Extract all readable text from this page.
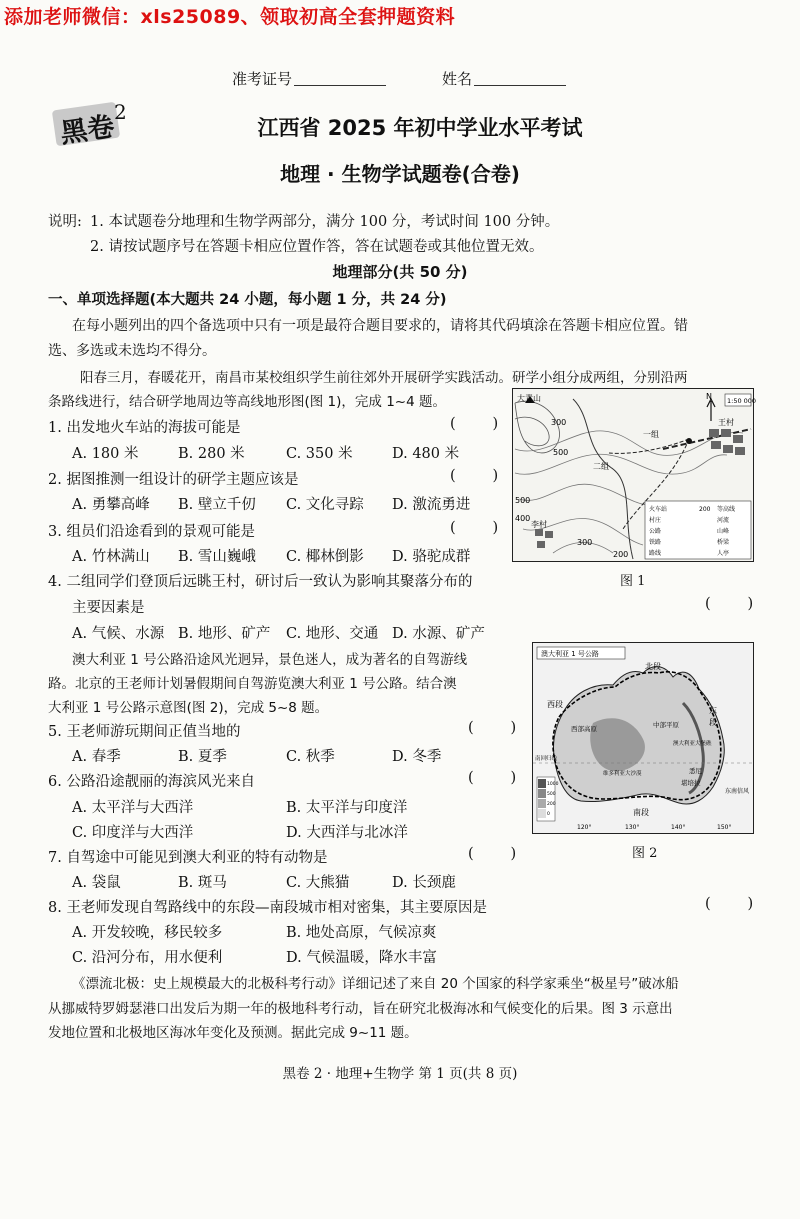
添加老师微信：xls25089、领取初高全套押题资料
准考证号	姓名
黑卷
2
江西省 2025 年初中学业水平考试
地理 · 生物学试题卷(合卷)
说明: 1. 本试题卷分地理和生物学两部分，满分 100 分，考试时间 100 分钟。
2. 请按试题序号在答题卡相应位置作答，答在试题卷或其他位置无效。
地理部分(共 50 分)
一、单项选择题(本大题共 24 小题，每小题 1 分，共 24 分)
在每小题列出的四个备选项中只有一项是最符合题目要求的，请将其代码填涂在答题卡相应位置。错
选、多选或未选均不得分。
阳春三月，春暖花开，南昌市某校组织学生前往郊外开展研学实践活动。研学小组分成两组，分别沿两
条路线进行，结合研学地周边等高线地形图(图 1)，完成 1~4 题。
1. 出发地火车站的海拔可能是	(        )
A. 180 米	B. 280 米	C. 350 米	D. 480 米
2. 据图推测一组设计的研学主题应该是	(        )
A. 勇攀高峰 B. 壁立千仞 C. 文化寻踪 D. 激流勇进
3. 组员们沿途看到的景观可能是	(        )
A. 竹林满山 B. 雪山巍峨 C. 椰林倒影 D. 骆驼成群
4. 二组同学们登顶后远眺王村，研讨后一致认为影响其聚落分布的
主要因素是	(        )
A. 气候、水源 B. 地形、矿产 C. 地形、交通 D. 水源、矿产
澳大利亚 1 号公路沿途风光迥异，景色迷人，成为著名的自驾游线
路。北京的王老师计划暑假期间自驾游览澳大利亚 1 号公路。结合澳
大利亚 1 号公路示意图(图 2)，完成 5~8 题。
5. 王老师游玩期间正值当地的	(        )
A. 春季	B. 夏季	C. 秋季	D. 冬季
6. 公路沿途靓丽的海滨风光来自	(        )
A. 太平洋与大西洋	B. 太平洋与印度洋
C. 印度洋与大西洋	D. 大西洋与北冰洋
7. 自驾途中可能见到澳大利亚的特有动物是	(        )
A. 袋鼠	B. 斑马	C. 大熊猫	D. 长颈鹿
8. 王老师发现自驾路线中的东段—南段城市相对密集，其主要原因是	(        )
A. 开发较晚，移民较多	B. 地处高原，气候凉爽
C. 沿河分布，用水便利	D. 气候温暖，降水丰富
《漂流北极：史上规模最大的北极科考行动》详细记述了来自 20 个国家的科学家乘坐“极星号”破冰船
从挪威特罗姆瑟港口出发后为期一年的极地科考行动，旨在研究北极海冰和气候变化的后果。图 3 示意出
发地位置和北极地区海冰年变化及预测。据此完成 9~11 题。
N 1:50 000
大青山
王村
李村
一组
二组
300
500
500
400
300
200
火车站
村庄
公路
铁路
路线
200 等高线
河流
山峰
桥梁
人亭
图 1
澳大利亚 1 号公路
北段
西段
东
段
南段
西部高原	中部平原
澳大利亚大堡礁
悉尼
堪培拉
维多利亚大沙漠
东南信风
南回归线
1000
500
200
0
120°	130°	140°	150°
图 2
黑卷 2 · 地理+生物学 第 1 页(共 8 页)
